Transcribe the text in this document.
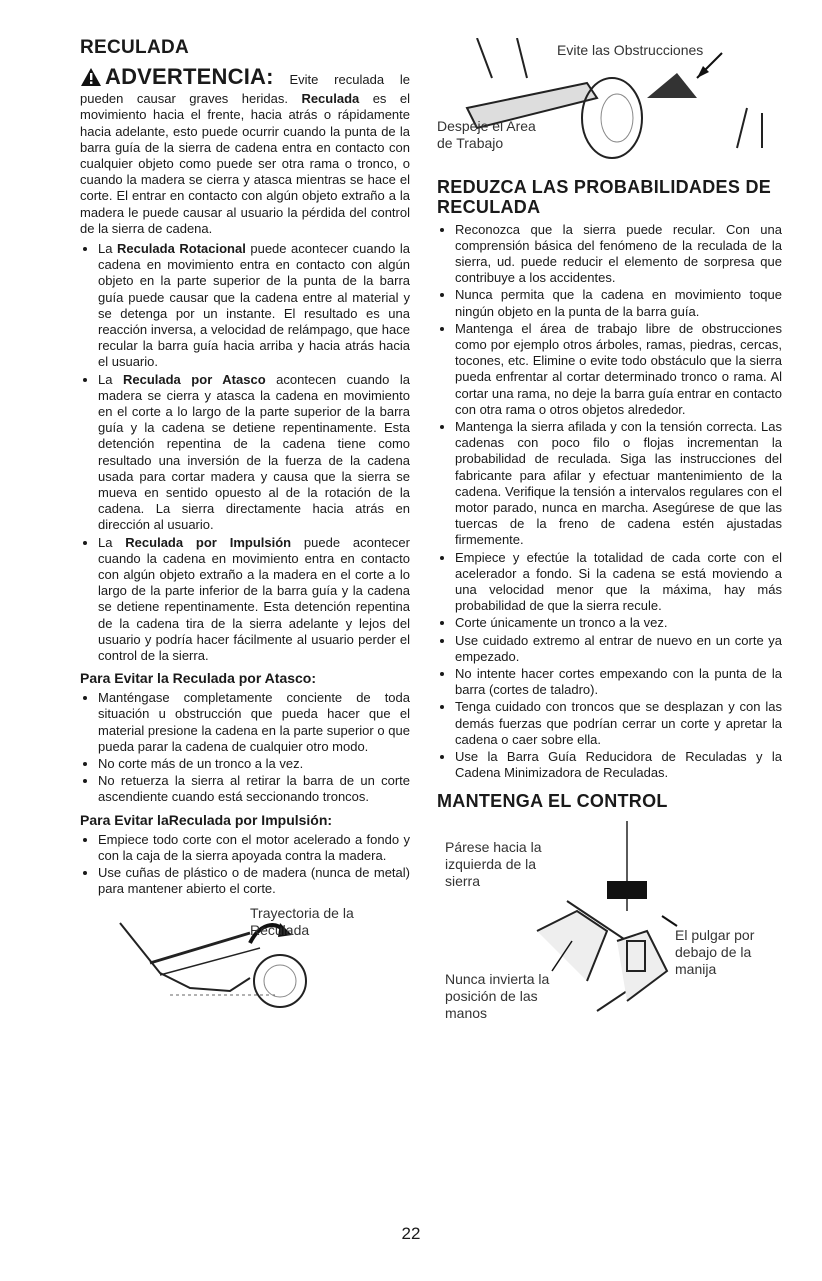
RECULADA

ADVERTENCIA: Evite reculada le pueden causar graves heridas. Reculada es el movimiento hacia el frente, hacia atrás o rápidamente hacia adelante, esto puede ocurrir cuando la punta de la barra guía de la sierra de cadena entra en contacto con cualquier objeto como puede ser otra rama o tronco, o cuando la madera se cierra y atasca mientras se hace el corte. El entrar en contacto con algún objeto extraño a la madera le puede causar al usuario la pérdida del control de la sierra de cadena.

• La Reculada Rotacional puede acontecer cuando la cadena en movimiento entra en contacto con algún objeto en la parte superior de la punta de la barra guía puede causar que la cadena entre al material y se detenga por un instante. El resultado es una reacción inversa, a velocidad de relámpago, que hace recular la barra guía hacia arriba y hacia atrás hacia el usuario.
• La Reculada por Atasco acontecen cuando la madera se cierra y atasca la cadena en movimiento en el corte a lo largo de la parte superior de la barra guía y la cadena se detiene repentinamente. Esta detención repentina de la cadena tiene como resultado una inversión de la fuerza de la cadena usada para cortar madera y causa que la sierra se mueva en sentido opuesto al de la rotación de la cadena. La sierra directamente hacia atrás en dirección al usuario.
• La Reculada por Impulsión puede acontecer cuando la cadena en movimiento entra en contacto con algún objeto extraño a la madera en el corte a lo largo de la parte inferior de la barra guía y la cadena se detiene repentinamente. Esta detención repentina de la cadena tira de la sierra adelante y lejos del usuario y podría hacer fácilmente al usuario perder el control de la sierra.
Para Evitar la Reculada por Atasco:
• Manténgase completamente conciente de toda situación u obstrucción que pueda hacer que el material presione la cadena en la parte superior o que pueda parar la cadena de cualquier otro modo.
• No corte más de un tronco a la vez.
• No retuerza la sierra al retirar la barra de un corte ascendiente cuando está seccionando troncos.
Para Evitar laReculada por Impulsión:
• Empiece todo corte con el motor acelerado a fondo y con la caja de la sierra apoyada contra la madera.
• Use cuñas de plástico o de madera (nunca de metal) para mantener abierto el corte.
Trayectoria de la Reculada
Evite las Obstrucciones
Despeje el Area de Trabajo
REDUZCA LAS PROBABILIDADES DE RECULADA
• Reconozca que la sierra puede recular. Con una comprensión básica del fenómeno de la reculada de la sierra, ud. puede reducir el elemento de sorpresa que contribuye a los accidentes.
• Nunca permita que la cadena en movimiento toque ningún objeto en la punta de la barra guía.
• Mantenga el área de trabajo libre de obstrucciones como por ejemplo otros árboles, ramas, piedras, cercas, tocones, etc. Elimine o evite todo obstáculo que la sierra pueda enfrentar al cortar determinado tronco o rama. Al cortar una rama, no deje la barra guía entrar en contacto con otra rama o otros objetos alrededor.
• Mantenga la sierra afilada y con la tensión correcta. Las cadenas con poco filo o flojas incrementan la probabilidad de reculada. Siga las instrucciones del fabricante para afilar y efectuar mantenimiento de la cadena. Verifique la tensión a intervalos regulares con el motor parado, nunca en marcha. Asegúrese de que las tuercas de la freno de cadena estén ajustadas firmemente.
• Empiece y efectúe la totalidad de cada corte con el acelerador a fondo. Si la cadena se está moviendo a una velocidad menor que la máxima, hay más probabilidad de que la sierra recule.
• Corte únicamente un tronco a la vez.
• Use cuidado extremo al entrar de nuevo en un corte ya empezado.
• No intente hacer cortes empexando con la punta de la barra (cortes de taladro).
• Tenga cuidado con troncos que se desplazan y con las demás fuerzas que podrían cerrar un corte y apretar la cadena o caer sobre ella.
• Use la Barra Guía Reducidora de Reculadas y la Cadena Minimizadora de Reculadas.
MANTENGA EL CONTROL
Párese hacia la izquierda de la sierra
El pulgar por debajo de la manija
Nunca invierta la posición de las manos
22
